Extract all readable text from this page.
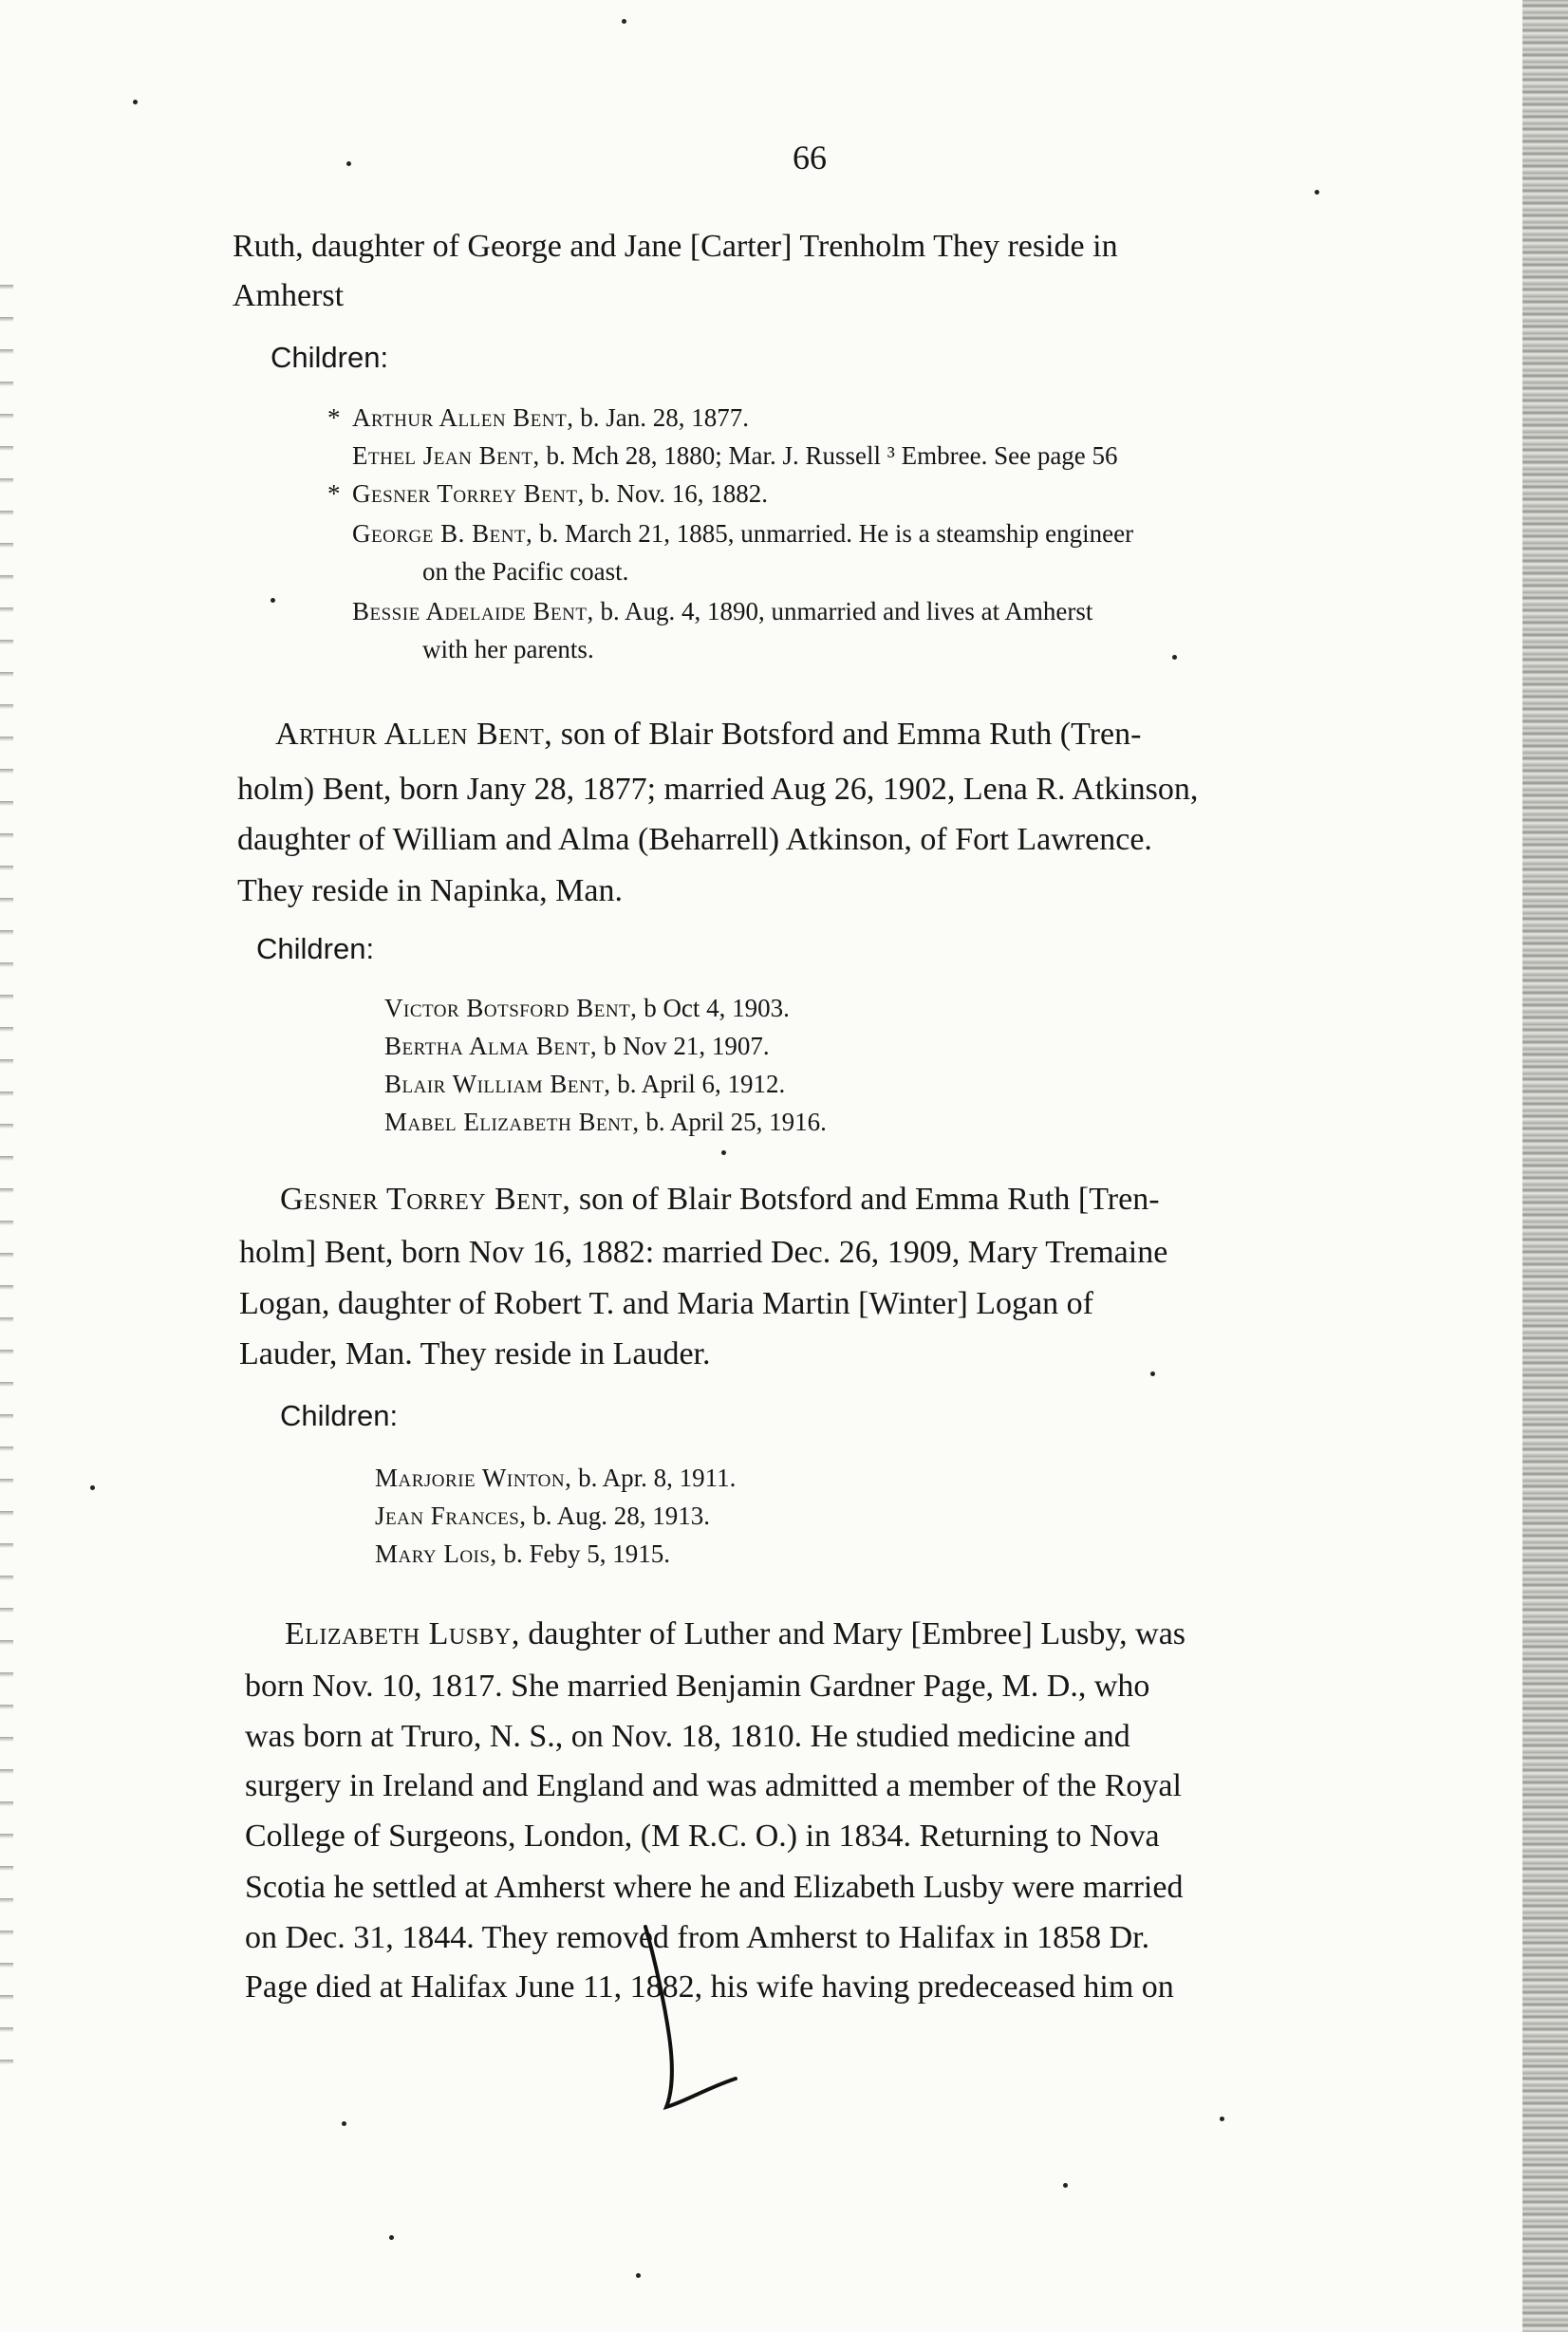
66
Ruth, daughter of George and Jane [Carter] Trenholm They reside in
Amherst
Children:
* Arthur Allen Bent, b. Jan. 28, 1877.
Ethel Jean Bent, b. Mch 28, 1880; Mar. J. Russell ³ Embree. See page 56
* Gesner Torrey Bent, b. Nov. 16, 1882.
George B. Bent, b. March 21, 1885, unmarried. He is a steamship engineer
on the Pacific coast.
Bessie Adelaide Bent, b. Aug. 4, 1890, unmarried and lives at Amherst
with her parents.
Arthur Allen Bent, son of Blair Botsford and Emma Ruth (Tren-
holm) Bent, born Jany 28, 1877; married Aug 26, 1902, Lena R. Atkinson,
daughter of William and Alma (Beharrell) Atkinson, of Fort Lawrence.
They reside in Napinka, Man.
Children:
Victor Botsford Bent, b Oct 4, 1903.
Bertha Alma Bent, b Nov 21, 1907.
Blair William Bent, b. April 6, 1912.
Mabel Elizabeth Bent, b. April 25, 1916.
Gesner Torrey Bent, son of Blair Botsford and Emma Ruth [Tren-
holm] Bent, born Nov 16, 1882: married Dec. 26, 1909, Mary Tremaine
Logan, daughter of Robert T. and Maria Martin [Winter] Logan of
Lauder, Man. They reside in Lauder.
Children:
Marjorie Winton, b. Apr. 8, 1911.
Jean Frances, b. Aug. 28, 1913.
Mary Lois, b. Feby 5, 1915.
Elizabeth Lusby, daughter of Luther and Mary [Embree] Lusby, was
born Nov. 10, 1817. She married Benjamin Gardner Page, M. D., who
was born at Truro, N. S., on Nov. 18, 1810. He studied medicine and
surgery in Ireland and England and was admitted a member of the Royal
College of Surgeons, London, (M R.C. O.) in 1834. Returning to Nova
Scotia he settled at Amherst where he and Elizabeth Lusby were married
on Dec. 31, 1844. They removed from Amherst to Halifax in 1858 Dr.
Page died at Halifax June 11, 1882, his wife having predeceased him on
